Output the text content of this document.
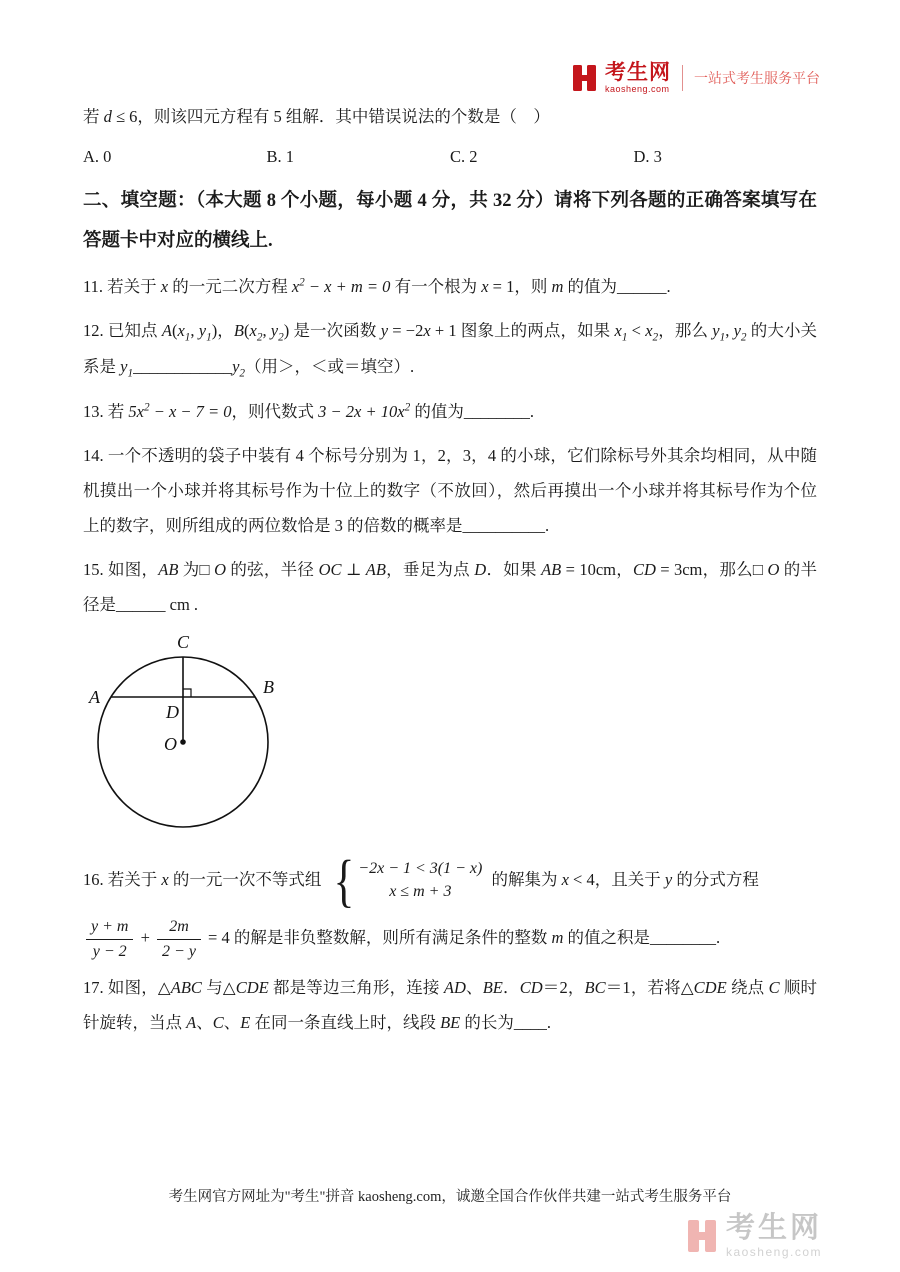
考生网
kaosheng.com
一站式考生服务平台

若 d ≤ 6，则该四元方程有 5 组解．其中错误说法的个数是（　）

A. 0	B. 1	C. 2	D. 3

二、填空题：（本大题 8 个小题，每小题 4 分，共 32 分）请将下列各题的正确答案填写在答题卡中对应的横线上.

11. 若关于 x 的一元二次方程 $x^2 - x + m = 0$ 有一个根为 x = 1，则 m 的值为______.

12. 已知点 $A(x_1$, $y_1$)，$B(x_2$, $y_2$) 是一次函数 y = −2x + 1 图象上的两点，如果 $x_1 < x_2$，那么 $y_1$, $y_2$ 的大小关系是 $y_1\_\_\_\_\_\_\_\_\_\_\_\_y_2$（用＞，＜或＝填空）.

13. 若 $5x^2 - x - 7 = 0$，则代数式 $3 - 2x + 10x^2$ 的值为________.

14. 一个不透明的袋子中装有 4 个标号分别为 1，2，3，4 的小球，它们除标号外其余均相同，从中随机摸出一个小球并将其标号作为十位上的数字（不放回），然后再摸出一个小球并将其标号作为个位上的数字，则所组成的两位数恰是 3 的倍数的概率是__________.

15. 如图，AB 为□ O 的弦，半径 OC ⊥ AB，垂足为点 D．如果 AB = 10cm，CD = 3cm，那么□ O 的半径是______ cm .

C
A	B
D
O

16. 若关于 x 的一元一次不等式组 { −2x − 1 < 3(1 − x)
x ≤ m + 3
的解集为 x < 4，且关于 y 的分式方程

$\frac{y + m}{y - 2} + \frac{2m}{2 - y} = 4$ 的解是非负整数解，则所有满足条件的整数 m 的值之积是________.

17. 如图，△ABC 与△CDE 都是等边三角形，连接 AD、BE．CD＝2，BC＝1，若将△CDE 绕点 C 顺时针旋转，当点 A、C、E 在同一条直线上时，线段 BE 的长为____.

考生网官方网址为"考生"拼音 kaosheng.com，诚邀全国合作伙伴共建一站式考生服务平台
考生网
kaosheng.com
